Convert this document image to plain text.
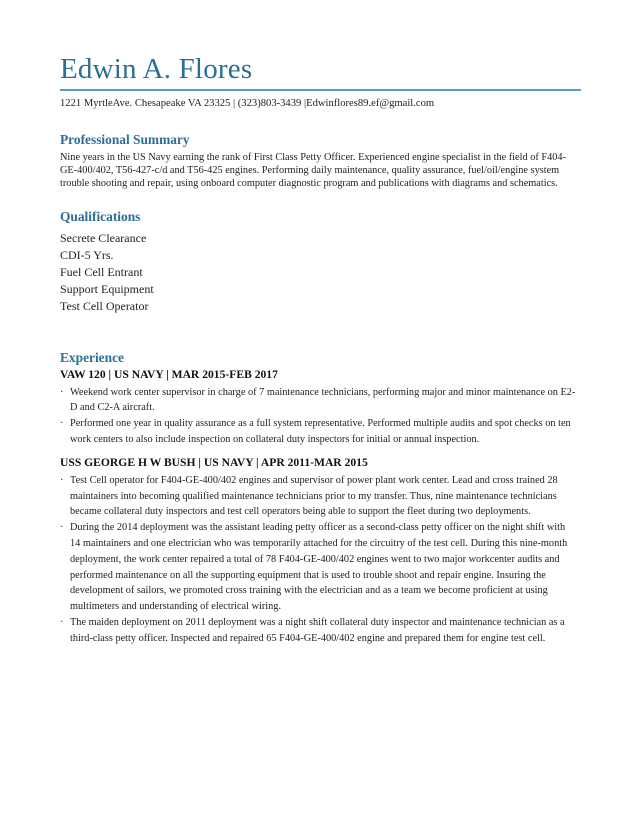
Edwin A. Flores

1221 MyrtleAve. Chesapeake VA 23325 | (323)803-3439 |Edwinflores89.ef@gmail.com

Professional Summary

Nine years in the US Navy earning the rank of First Class Petty Officer. Experienced engine specialist in the field of F404-GE-400/402, T56-427-c/d and T56-425 engines. Performing daily maintenance, quality assurance, fuel/oil/engine system trouble shooting and repair, using onboard computer diagnostic program and publications with diagrams and schematics.

Qualifications
Secrete Clearance
CDI-5 Yrs.
Fuel Cell Entrant
Support Equipment
Test Cell Operator
Experience
VAW 120 | US NAVY | MAR 2015-FEB 2017
· Weekend work center supervisor in charge of 7 maintenance technicians, performing major and minor maintenance on E2-D and C2-A aircraft.
· Performed one year in quality assurance as a full system representative. Performed multiple audits and spot checks on ten work centers to also include inspection on collateral duty inspectors for initial or annual inspection.
USS GEORGE H W BUSH | US NAVY | APR 2011-MAR 2015
· Test Cell operator for F404-GE-400/402 engines and supervisor of power plant work center. Lead and cross trained 28 maintainers into becoming qualified maintenance technicians prior to my transfer. Thus, nine maintenance technicians became collateral duty inspectors and test cell operators being able to support the fleet during two deployments.
· During the 2014 deployment was the assistant leading petty officer as a second-class petty officer on the night shift with 14 maintainers and one electrician who was temporarily attached for the circuitry of the test cell. During this nine-month deployment, the work center repaired a total of 78 F404-GE-400/402 engines went to two major workcenter audits and performed maintenance on all the supporting equipment that is used to trouble shoot and repair engine. Insuring the development of sailors, we promoted cross training with the electrician and as a team we become proficient at using multimeters and understanding of electrical wiring.
· The maiden deployment on 2011 deployment was a night shift collateral duty inspector and maintenance technician as a third-class petty officer. Inspected and repaired 65 F404-GE-400/402 engine and prepared them for engine test cell.
